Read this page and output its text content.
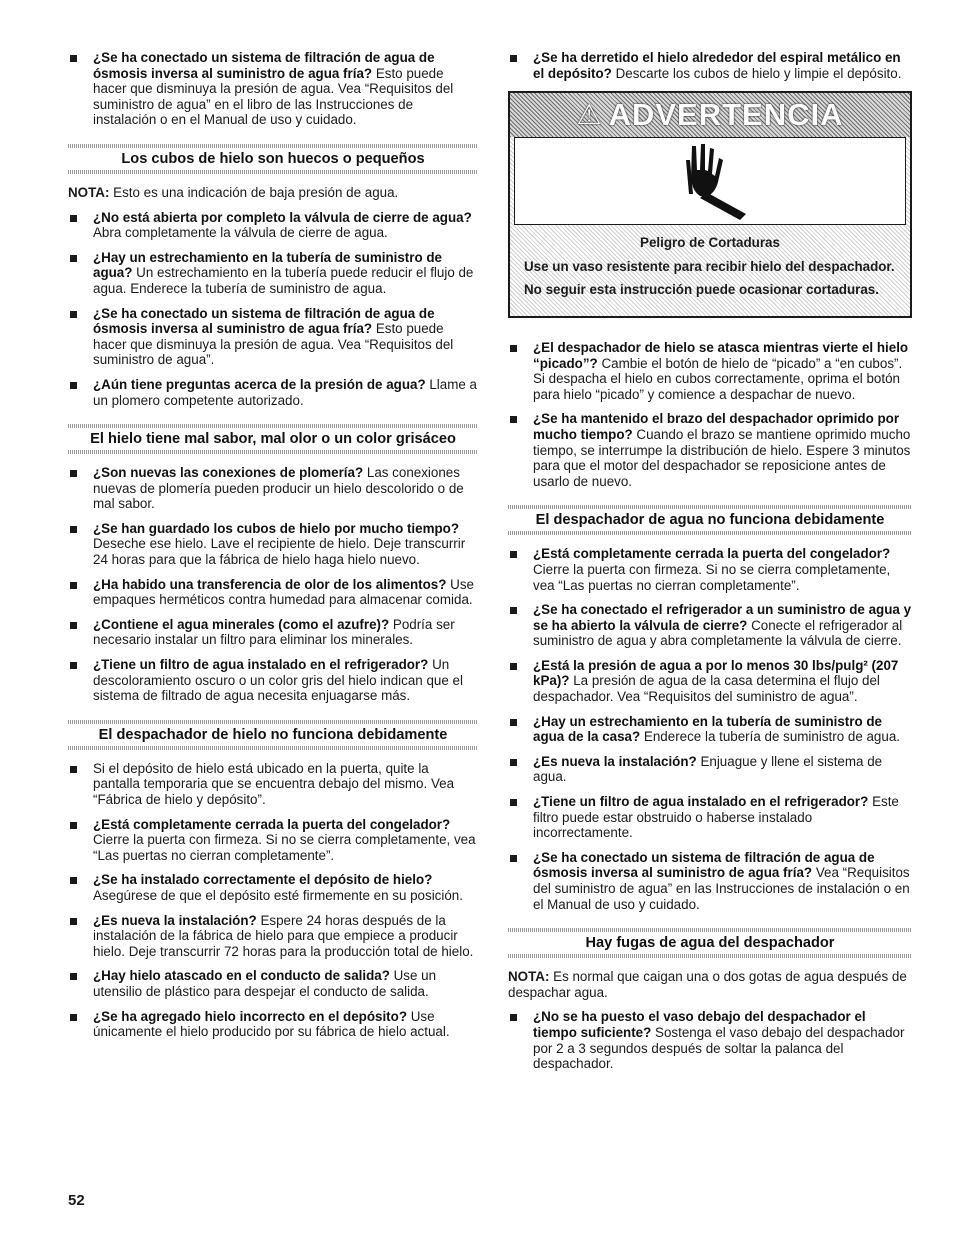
¿Se ha conectado un sistema de filtración de agua de ósmosis inversa al suministro de agua fría? Esto puede hacer que disminuya la presión de agua. Vea “Requisitos del suministro de agua” en el libro de las Instrucciones de instalación o en el Manual de uso y cuidado.
Los cubos de hielo son huecos o pequeños
NOTA: Esto es una indicación de baja presión de agua.
¿No está abierta por completo la válvula de cierre de agua? Abra completamente la válvula de cierre de agua.
¿Hay un estrechamiento en la tubería de suministro de agua? Un estrechamiento en la tubería puede reducir el flujo de agua. Enderece la tubería de suministro de agua.
¿Se ha conectado un sistema de filtración de agua de ósmosis inversa al suministro de agua fría? Esto puede hacer que disminuya la presión de agua. Vea “Requisitos del suministro de agua”.
¿Aún tiene preguntas acerca de la presión de agua? Llame a un plomero competente autorizado.
El hielo tiene mal sabor, mal olor o un color grisáceo
¿Son nuevas las conexiones de plomería? Las conexiones nuevas de plomería pueden producir un hielo descolorido o de mal sabor.
¿Se han guardado los cubos de hielo por mucho tiempo? Deseche ese hielo. Lave el recipiente de hielo. Deje transcurrir 24 horas para que la fábrica de hielo haga hielo nuevo.
¿Ha habido una transferencia de olor de los alimentos? Use empaques herméticos contra humedad para almacenar comida.
¿Contiene el agua minerales (como el azufre)? Podría ser necesario instalar un filtro para eliminar los minerales.
¿Tiene un filtro de agua instalado en el refrigerador? Un descoloramiento oscuro o un color gris del hielo indican que el sistema de filtrado de agua necesita enjuagarse más.
El despachador de hielo no funciona debidamente
Si el depósito de hielo está ubicado en la puerta, quite la pantalla temporaria que se encuentra debajo del mismo. Vea “Fábrica de hielo y depósito”.
¿Está completamente cerrada la puerta del congelador? Cierre la puerta con firmeza. Si no se cierra completamente, vea “Las puertas no cierran completamente”.
¿Se ha instalado correctamente el depósito de hielo? Asegúrese de que el depósito esté firmemente en su posición.
¿Es nueva la instalación? Espere 24 horas después de la instalación de la fábrica de hielo para que empiece a producir hielo. Deje transcurrir 72 horas para la producción total de hielo.
¿Hay hielo atascado en el conducto de salida? Use un utensilio de plástico para despejar el conducto de salida.
¿Se ha agregado hielo incorrecto en el depósito? Use únicamente el hielo producido por su fábrica de hielo actual.
¿Se ha derretido el hielo alrededor del espiral metálico en el depósito? Descarte los cubos de hielo y limpie el depósito.
⚠ ADVERTENCIA
Peligro de Cortaduras

Use un vaso resistente para recibir hielo del despachador.

No seguir esta instrucción puede ocasionar cortaduras.

¿El despachador de hielo se atasca mientras vierte el hielo “picado”? Cambie el botón de hielo de “picado” a “en cubos”. Si despacha el hielo en cubos correctamente, oprima el botón para hielo “picado” y comience a despachar de nuevo.
¿Se ha mantenido el brazo del despachador oprimido por mucho tiempo? Cuando el brazo se mantiene oprimido mucho tiempo, se interrumpe la distribución de hielo. Espere 3 minutos para que el motor del despachador se reposicione antes de usarlo de nuevo.
El despachador de agua no funciona debidamente
¿Está completamente cerrada la puerta del congelador? Cierre la puerta con firmeza. Si no se cierra completamente, vea “Las puertas no cierran completamente”.
¿Se ha conectado el refrigerador a un suministro de agua y se ha abierto la válvula de cierre? Conecte el refrigerador al suministro de agua y abra completamente la válvula de cierre.
¿Está la presión de agua a por lo menos 30 lbs/pulg² (207 kPa)? La presión de agua de la casa determina el flujo del despachador. Vea “Requisitos del suministro de agua”.
¿Hay un estrechamiento en la tubería de suministro de agua de la casa? Enderece la tubería de suministro de agua.
¿Es nueva la instalación? Enjuague y llene el sistema de agua.
¿Tiene un filtro de agua instalado en el refrigerador? Este filtro puede estar obstruido o haberse instalado incorrectamente.
¿Se ha conectado un sistema de filtración de agua de ósmosis inversa al suministro de agua fría? Vea “Requisitos del suministro de agua” en las Instrucciones de instalación o en el Manual de uso y cuidado.
Hay fugas de agua del despachador
NOTA: Es normal que caigan una o dos gotas de agua después de despachar agua.
¿No se ha puesto el vaso debajo del despachador el tiempo suficiente? Sostenga el vaso debajo del despachador por 2 a 3 segundos después de soltar la palanca del despachador.
52
